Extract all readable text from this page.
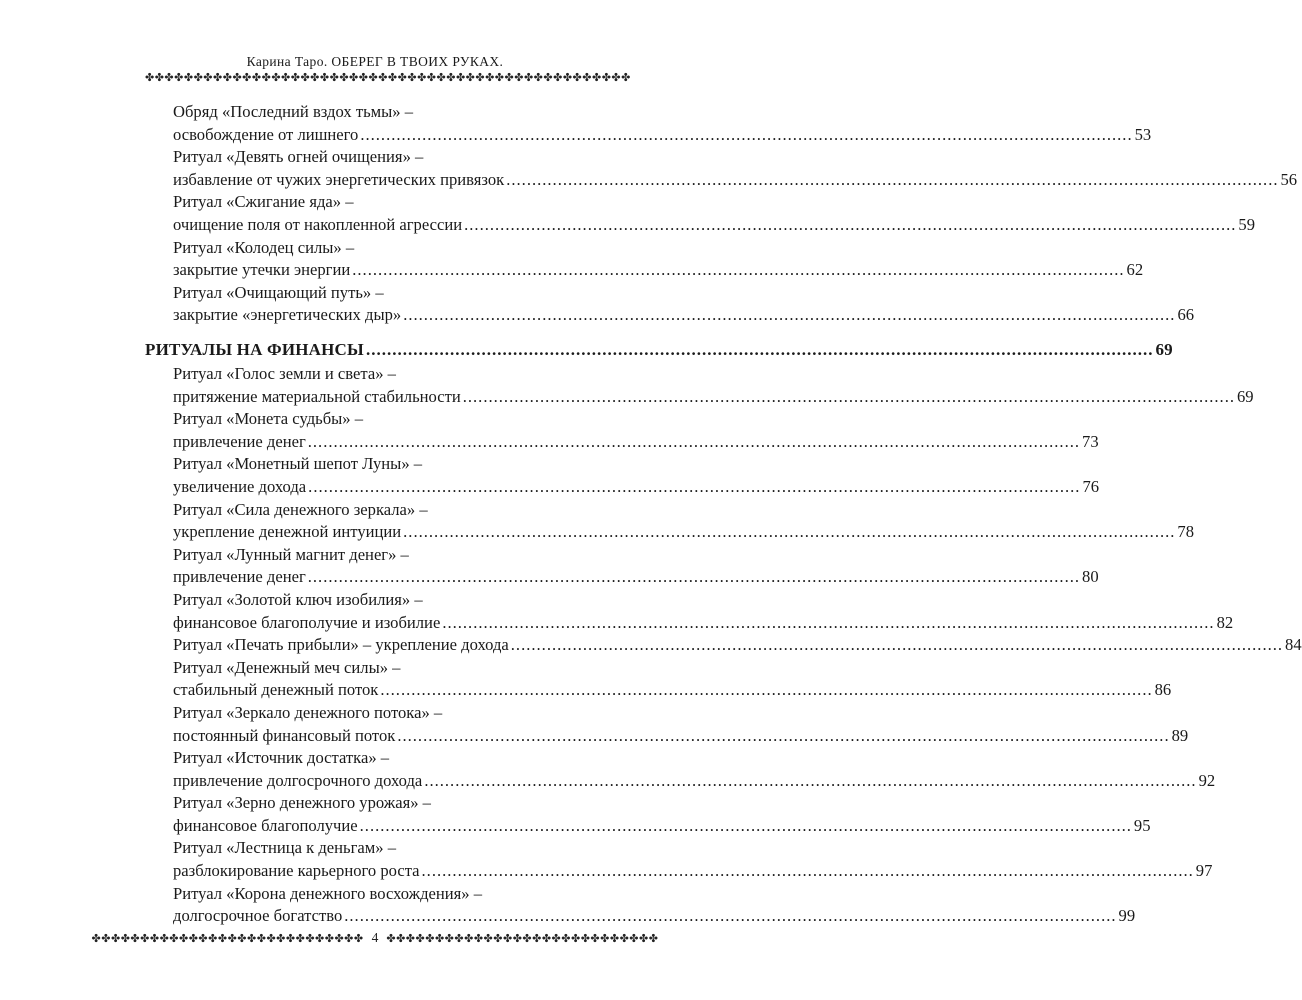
Карина Таро. ОБЕРЕГ В ТВОИХ РУКАХ.
✤✤✤✤✤✤✤✤✤✤✤✤✤✤✤✤✤✤✤✤✤✤✤✤✤✤✤✤✤✤✤✤✤✤✤✤✤✤✤✤✤✤✤✤✤✤✤✤✤✤
Обряд «Последний вздох тьмы» –
освобождение от лишнего .....	53
Ритуал «Девять огней очищения» –
избавление от чужих энергетических привязок .....	56
Ритуал «Сжигание яда» –
очищение поля от накопленной агрессии .....	59
Ритуал «Колодец силы» –
закрытие утечки энергии .....	62
Ритуал «Очищающий путь» –
закрытие «энергетических дыр» .....	66
РИТУАЛЫ НА ФИНАНСЫ .....	69
Ритуал «Голос земли и света» –
притяжение материальной стабильности .....	69
Ритуал «Монета судьбы» –
привлечение денег .....	73
Ритуал «Монетный шепот Луны» –
увеличение дохода .....	76
Ритуал «Сила денежного зеркала» –
укрепление денежной интуиции .....	78
Ритуал «Лунный магнит денег» –
привлечение денег .....	80
Ритуал «Золотой ключ изобилия» –
финансовое благополучие и изобилие .....	82
Ритуал «Печать прибыли» – укрепление дохода .....	84
Ритуал «Денежный меч силы» –
стабильный денежный поток .....	86
Ритуал «Зеркало денежного потока» –
постоянный финансовый поток .....	89
Ритуал «Источник достатка» –
привлечение долгосрочного дохода .....	92
Ритуал «Зерно денежного урожая» –
финансовое благополучие .....	95
Ритуал «Лестница к деньгам» –
разблокирование карьерного роста .....	97
Ритуал «Корона денежного восхождения» –
долгосрочное богатство .....	99
✤✤✤✤✤✤✤✤✤✤✤✤✤✤✤✤✤✤✤✤✤✤✤✤✤✤✤✤ 4 ✤✤✤✤✤✤✤✤✤✤✤✤✤✤✤✤✤✤✤✤✤✤✤✤✤✤✤✤
